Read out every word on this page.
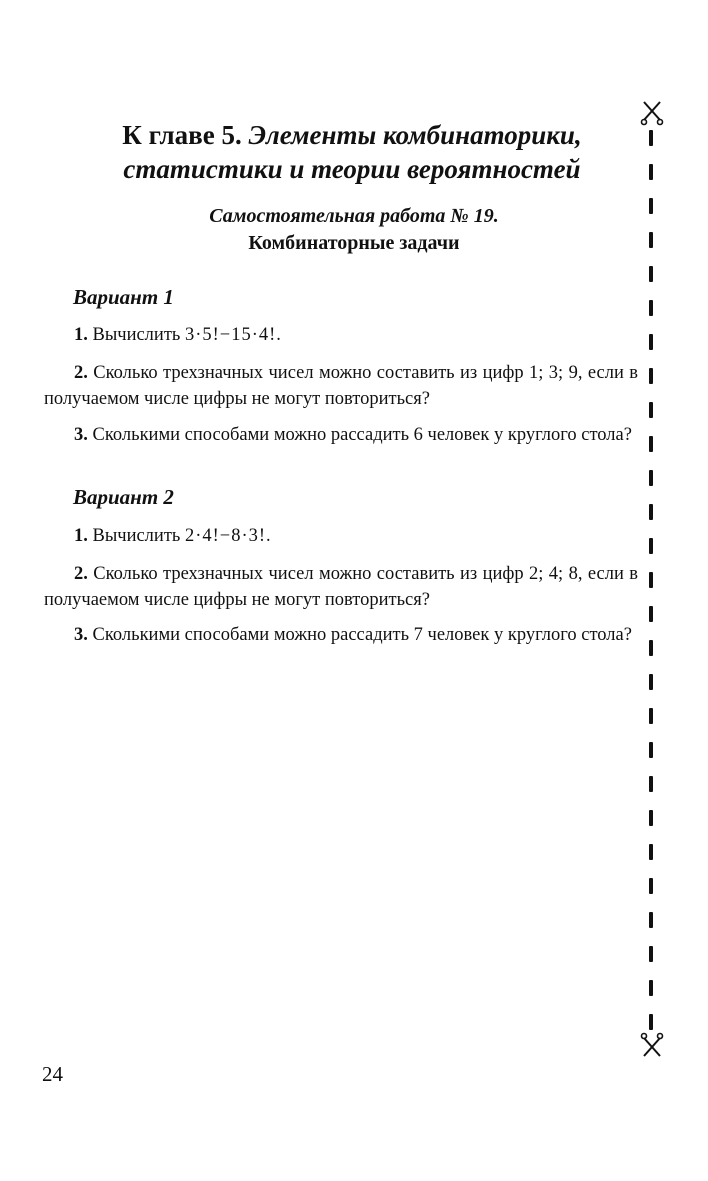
К главе 5. Элементы комбинаторики,
статистики и теории вероятностей
Самостоятельная работа № 19.
Комбинаторные задачи
Вариант 1
1. Вычислить 3·5!−15·4!.
2. Сколько трехзначных чисел можно составить из цифр 1; 3; 9, если в получаемом числе цифры не могут повториться?
3. Сколькими способами можно рассадить 6 человек у круглого стола?
Вариант 2
1. Вычислить 2·4!−8·3!.
2. Сколько трехзначных чисел можно составить из цифр 2; 4; 8, если в получаемом числе цифры не могут повториться?
3. Сколькими способами можно рассадить 7 человек у круглого стола?
24
